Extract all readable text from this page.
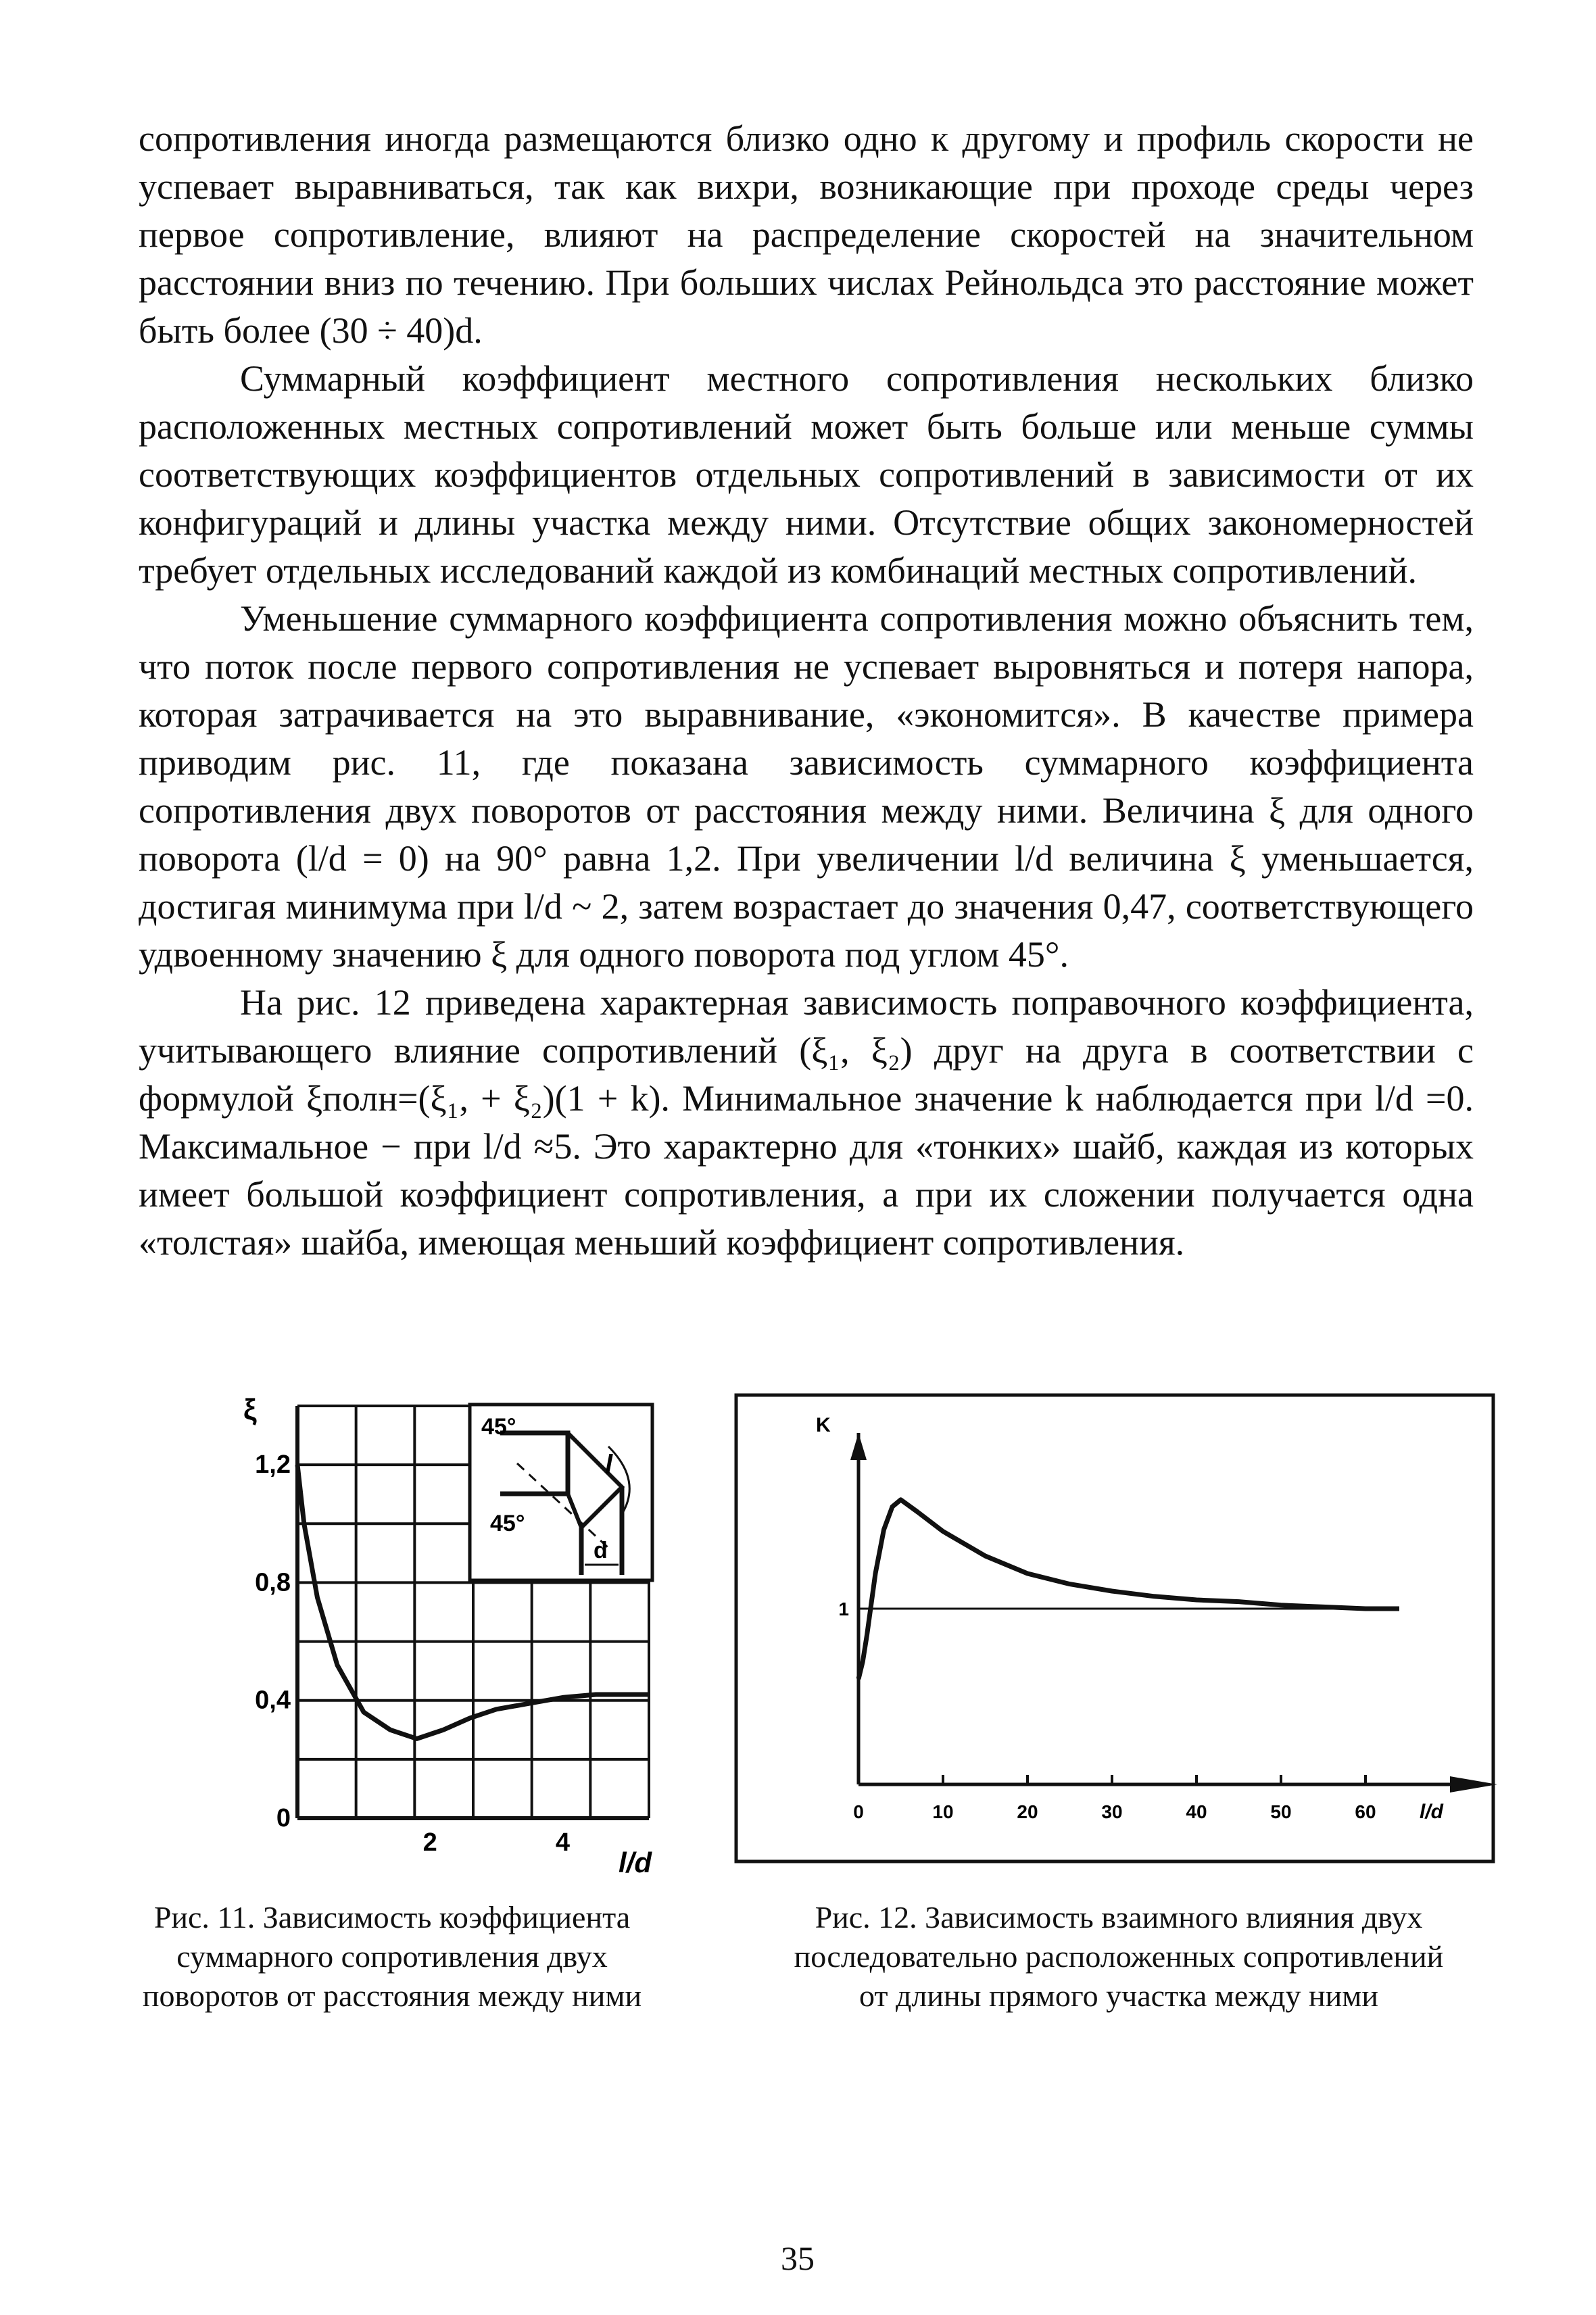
сопротивления иногда размещаются близко одно к другому и профиль скорости не успевает выравниваться, так как вихри, возникающие при проходе среды через первое сопротивление, влияют на распределение скоростей на значительном расстоянии вниз по течению. При больших числах Рейнольдса это расстояние может быть более (30 ÷ 40)d.

Суммарный коэффициент местного сопротивления нескольких близко расположенных местных сопротивлений может быть больше или меньше суммы соответствующих коэффициентов отдельных сопротивлений в зависимости от их конфигураций и длины участка между ними. Отсутствие общих закономерностей требует отдельных исследований каждой из комбинаций местных сопротивлений.

Уменьшение суммарного коэффициента сопротивления можно объяснить тем, что поток после первого сопротивления не успевает выровняться и потеря напора, которая затрачивается на это выравнивание, «экономится». В качестве примера приводим рис. 11, где показана зависимость суммарного коэффициента сопротивления двух поворотов от расстояния между ними. Величина ξ для одного поворота (l/d = 0) на 90° равна 1,2. При увеличении l/d величина ξ уменьшается, достигая минимума при l/d ~ 2, затем возрастает до значения 0,47, соответствующего удвоенному значению ξ для одного поворота под углом 45°.

На рис. 12 приведена характерная зависимость поправочного коэффициента, учитывающего влияние сопротивлений (ξ₁, ξ₂) друг на друга в соответствии с формулой ξполн=(ξ₁, + ξ₂)(1 + k). Минимальное значение k наблюдается при l/d =0. Максимальное − при l/d ≈5. Это характерно для «тонких» шайб, каждая из которых имеет большой коэффициент сопротивления, а при их сложении получается одна «толстая» шайба, имеющая меньший коэффициент сопротивления.

45°
45°
l
d
1,2
0,8
0,4
0
2	4
ξ
l/d
0	10	20	30	40	50	60
1
K
l/d
Рис. 11. Зависимость коэффициента суммарного сопротивления двух поворотов от расстояния между ними
Рис. 12. Зависимость взаимного влияния двух последовательно расположенных сопротивлений от длины прямого участка между ними
35
